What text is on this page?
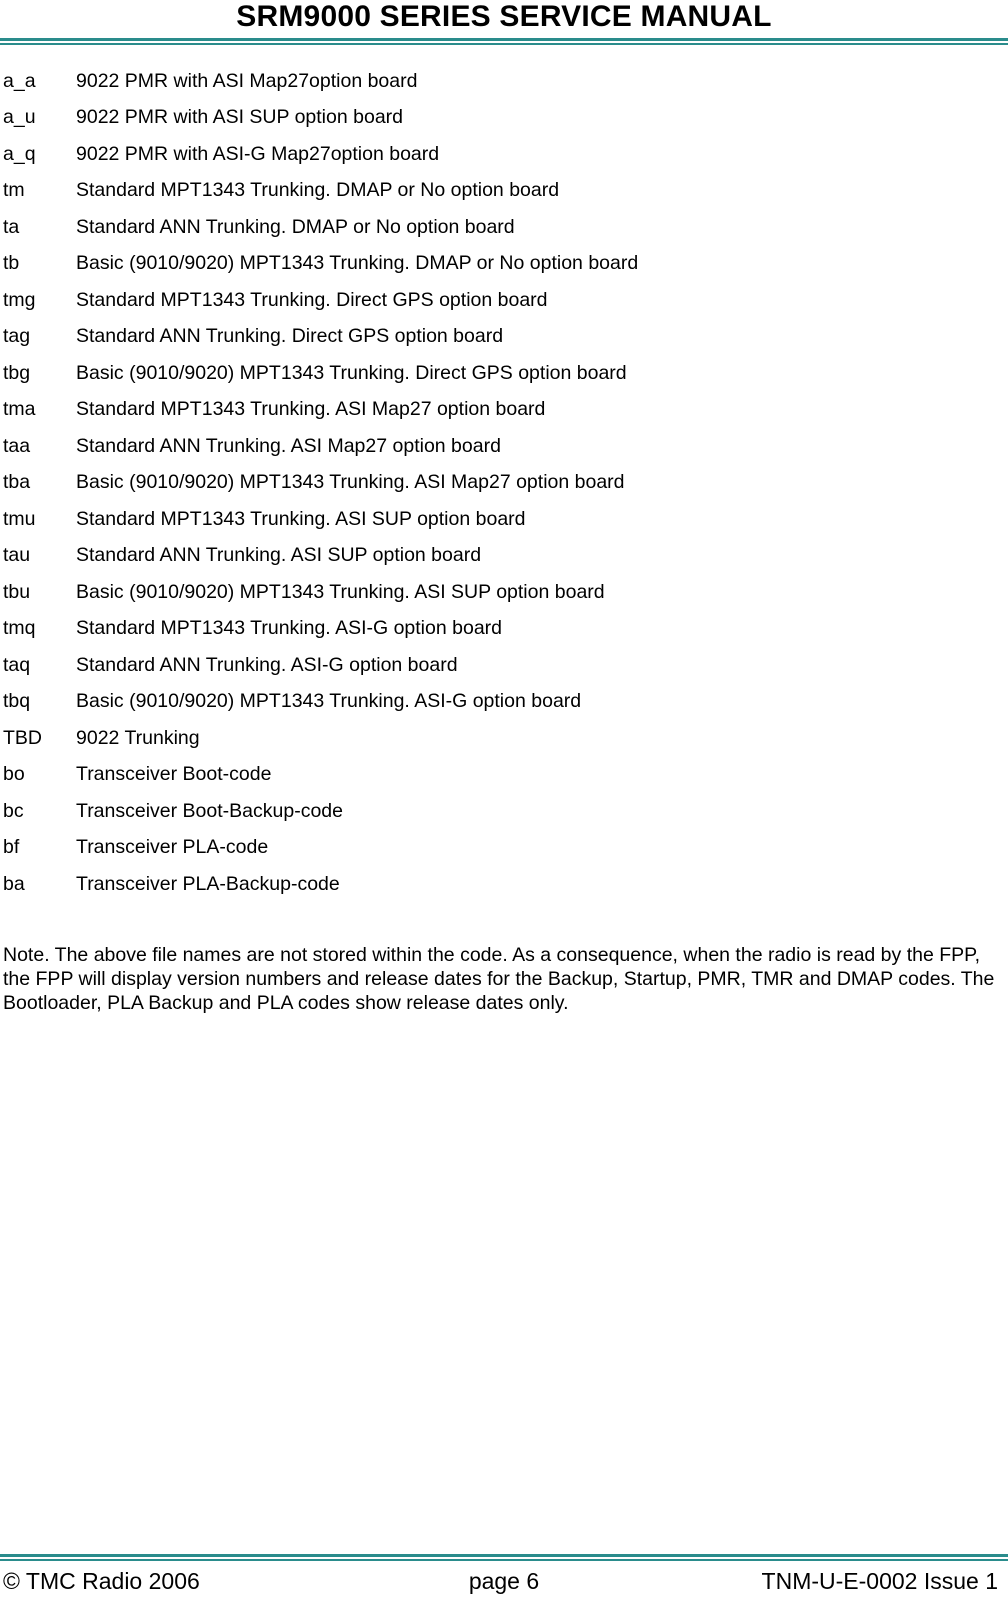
SRM9000 SERIES SERVICE MANUAL
a_a	9022 PMR with ASI Map27option board
a_u	9022 PMR with ASI SUP option board
a_q	9022 PMR with ASI-G Map27option board
tm	Standard MPT1343 Trunking. DMAP or No option board
ta	Standard ANN Trunking. DMAP or No option board
tb	Basic (9010/9020) MPT1343 Trunking. DMAP or No option board
tmg	Standard MPT1343 Trunking. Direct GPS option board
tag	Standard ANN Trunking. Direct GPS option board
tbg	Basic (9010/9020) MPT1343 Trunking. Direct GPS option board
tma	Standard MPT1343 Trunking. ASI Map27 option board
taa	Standard ANN Trunking. ASI Map27 option board
tba	Basic (9010/9020) MPT1343 Trunking. ASI Map27 option board
tmu	Standard MPT1343 Trunking. ASI SUP option board
tau	Standard ANN Trunking. ASI SUP option board
tbu	Basic (9010/9020) MPT1343 Trunking. ASI SUP option board
tmq	Standard MPT1343 Trunking. ASI-G option board
taq	Standard ANN Trunking. ASI-G option board
tbq	Basic (9010/9020) MPT1343 Trunking. ASI-G option board
TBD	9022 Trunking
bo	Transceiver Boot-code
bc	Transceiver Boot-Backup-code
bf	Transceiver PLA-code
ba	Transceiver PLA-Backup-code

Note. The above file names are not stored within the code. As a consequence, when the radio is read by the FPP, the FPP will display version numbers and release dates for the Backup, Startup, PMR, TMR and DMAP codes. The Bootloader, PLA Backup and PLA codes show release dates only.

page 6
© TMC Radio 2006	TNM-U-E-0002 Issue 1
